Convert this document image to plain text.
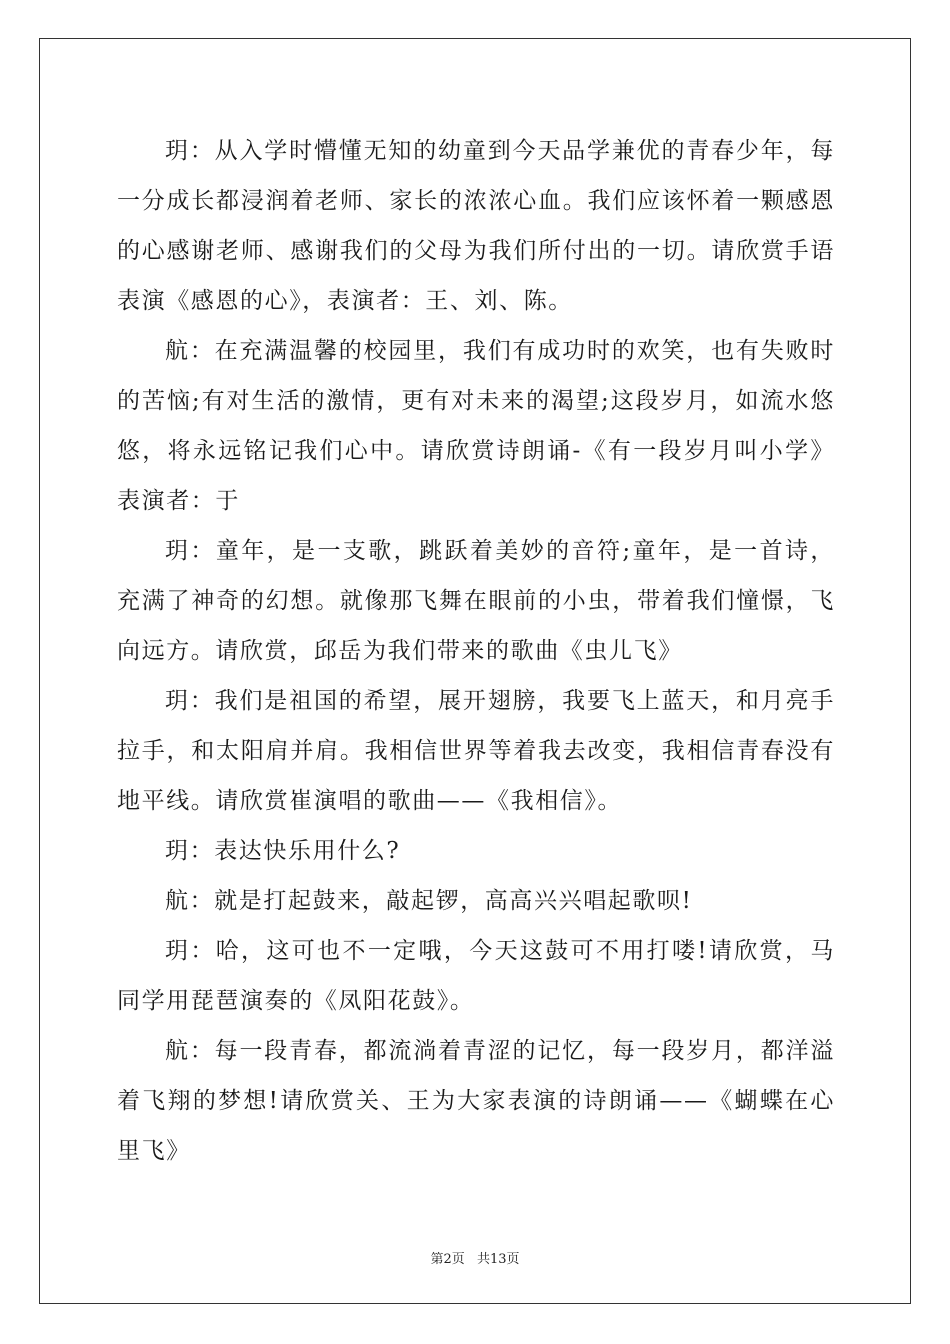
玥：从入学时懵懂无知的幼童到今天品学兼优的青春少年，每一分成长都浸润着老师、家长的浓浓心血。我们应该怀着一颗感恩的心感谢老师、感谢我们的父母为我们所付出的一切。请欣赏手语表演《感恩的心》，表演者：王、刘、陈。

航：在充满温馨的校园里，我们有成功时的欢笑，也有失败时的苦恼;有对生活的激情，更有对未来的渴望;这段岁月，如流水悠悠，将永远铭记我们心中。请欣赏诗朗诵-《有一段岁月叫小学》表演者：于

玥：童年，是一支歌，跳跃着美妙的音符;童年，是一首诗，充满了神奇的幻想。就像那飞舞在眼前的小虫，带着我们憧憬，飞向远方。请欣赏，邱岳为我们带来的歌曲《虫儿飞》

玥：我们是祖国的希望，展开翅膀，我要飞上蓝天，和月亮手拉手，和太阳肩并肩。我相信世界等着我去改变，我相信青春没有地平线。请欣赏崔演唱的歌曲——《我相信》。

玥：表达快乐用什么?

航：就是打起鼓来，敲起锣，高高兴兴唱起歌呗!

玥：哈，这可也不一定哦，今天这鼓可不用打喽!请欣赏，马同学用琵琶演奏的《凤阳花鼓》。

航：每一段青春，都流淌着青涩的记忆，每一段岁月，都洋溢着飞翔的梦想!请欣赏关、王为大家表演的诗朗诵——《蝴蝶在心里飞》

第2页 共13页
